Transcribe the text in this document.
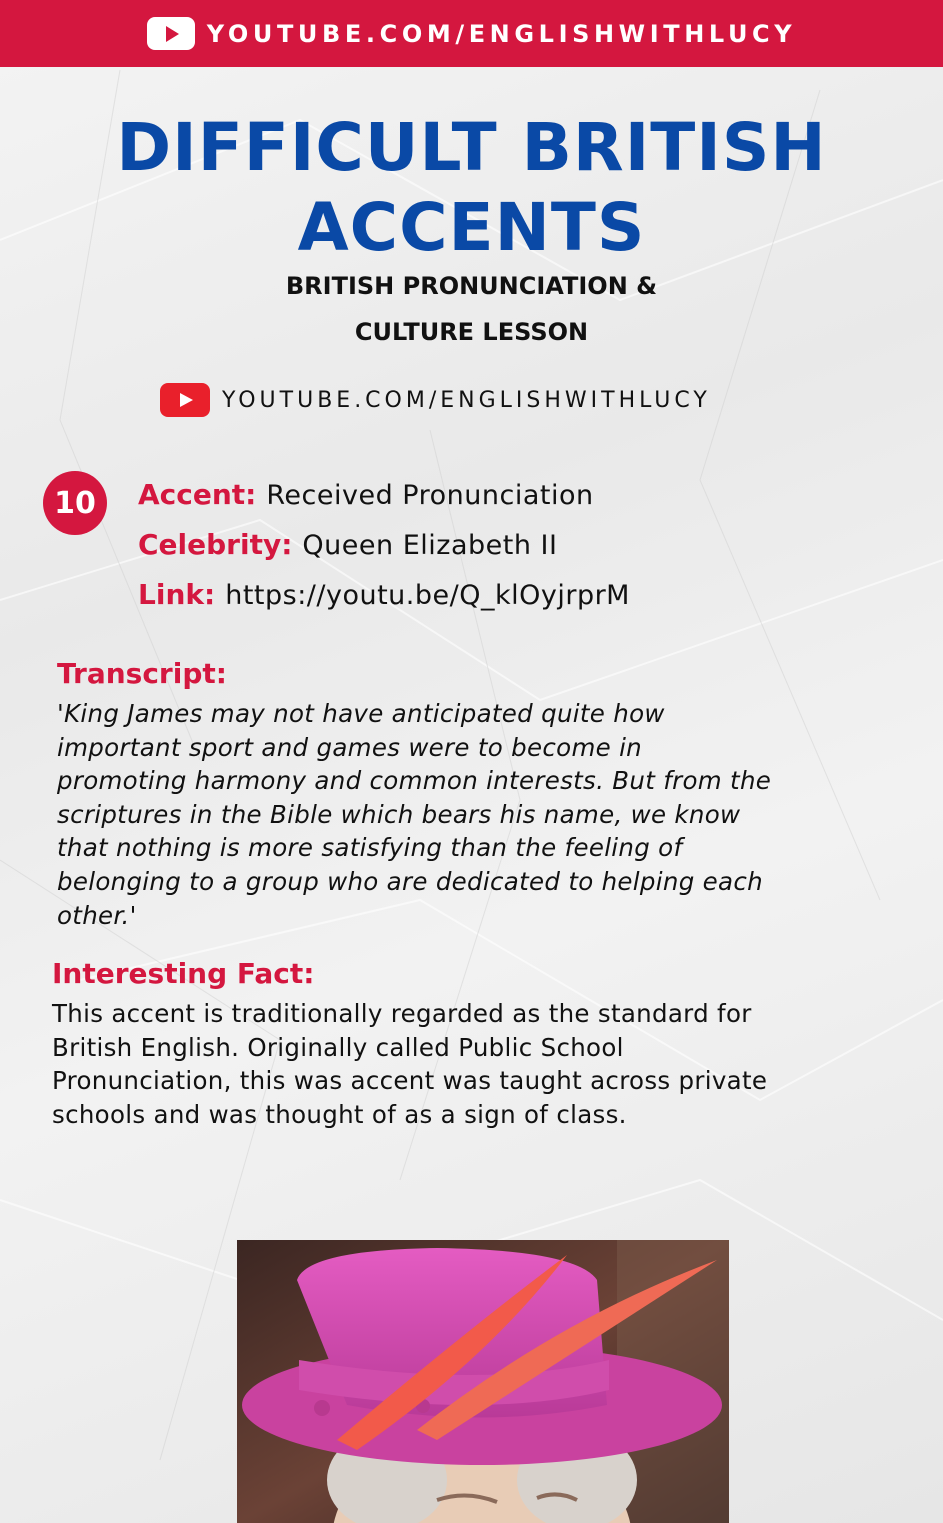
YOUTUBE.COM/ENGLISHWITHLUCY
DIFFICULT BRITISH
ACCENTS
BRITISH PRONUNCIATION &
CULTURE LESSON
YOUTUBE.COM/ENGLISHWITHLUCY
10	Accent: Received Pronunciation
Celebrity: Queen Elizabeth II
Link: https://youtu.be/Q_klOyjrprM
Transcript:
'King James may not have anticipated quite how
important sport and games were to become in
promoting harmony and common interests. But from the
scriptures in the Bible which bears his name, we know
that nothing is more satisfying than the feeling of
belonging to a group who are dedicated to helping each
other.'
Interesting Fact:
This accent is traditionally regarded as the standard for
British English. Originally called Public School
Pronunciation, this was accent was taught across private
schools and was thought of as a sign of class.
